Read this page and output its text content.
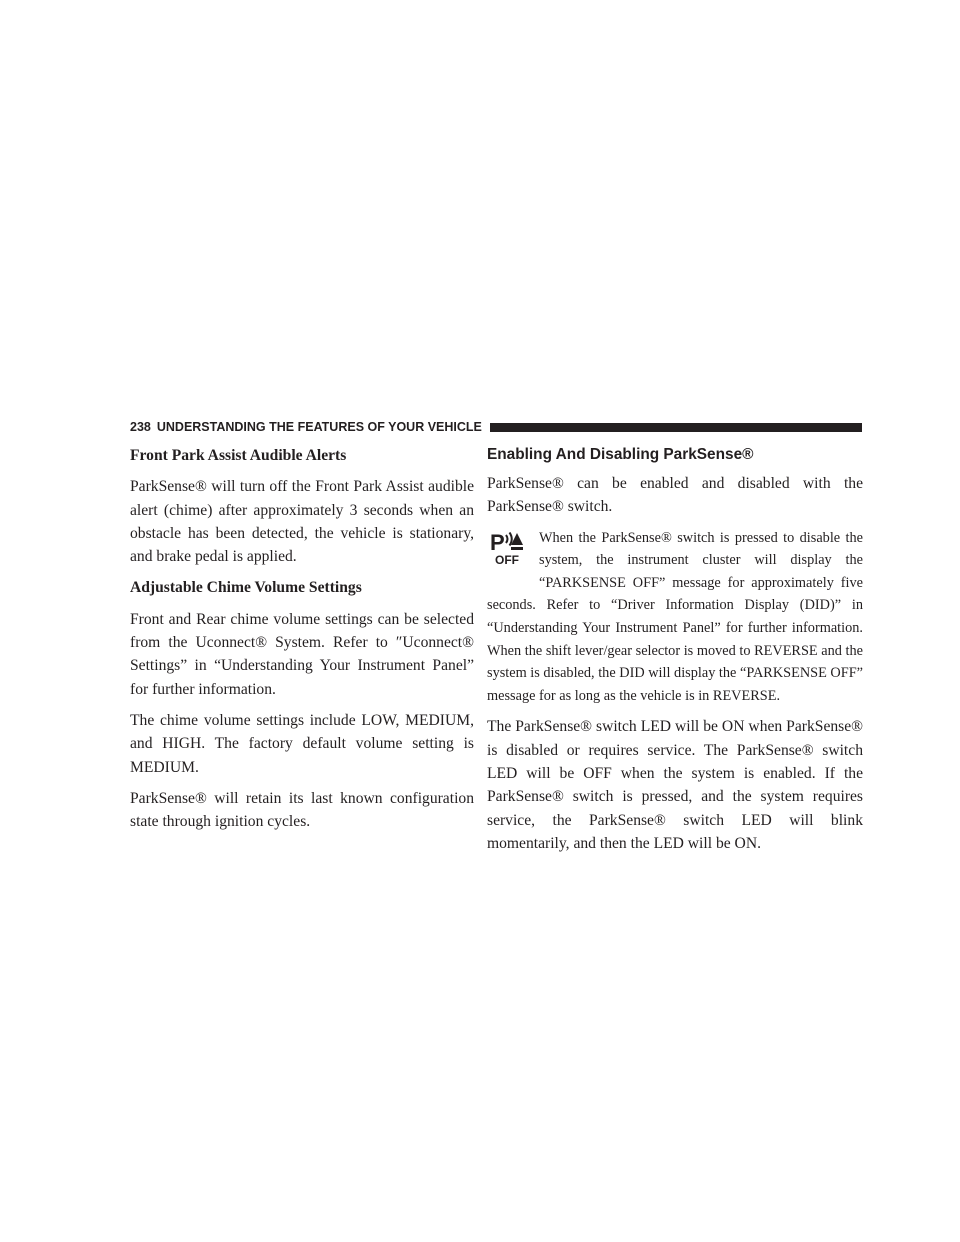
238 UNDERSTANDING THE FEATURES OF YOUR VEHICLE
Front Park Assist Audible Alerts

ParkSense® will turn off the Front Park Assist audible alert (chime) after approximately 3 seconds when an obstacle has been detected, the vehicle is stationary, and brake pedal is applied.

Adjustable Chime Volume Settings

Front and Rear chime volume settings can be selected from the Uconnect® System. Refer to ″Uconnect® Settings” in “Understanding Your Instrument Panel” for further information.

The chime volume settings include LOW, MEDIUM, and HIGH. The factory default volume setting is MEDIUM.

ParkSense® will retain its last known configuration state through ignition cycles.

Enabling And Disabling ParkSense®

ParkSense® can be enabled and disabled with the ParkSense® switch.

P
OFF

When the ParkSense® switch is pressed to disable the system, the instrument cluster will display the “PARKSENSE OFF” message for approximately five seconds. Refer to “Driver Information Display (DID)” in “Understanding Your Instrument Panel” for further information. When the shift lever/gear selector is moved to REVERSE and the system is disabled, the DID will display the “PARKSENSE OFF” message for as long as the vehicle is in REVERSE.

The ParkSense® switch LED will be ON when ParkSense® is disabled or requires service. The ParkSense® switch LED will be OFF when the system is enabled. If the ParkSense® switch is pressed, and the system requires service, the ParkSense® switch LED will blink momentarily, and then the LED will be ON.
